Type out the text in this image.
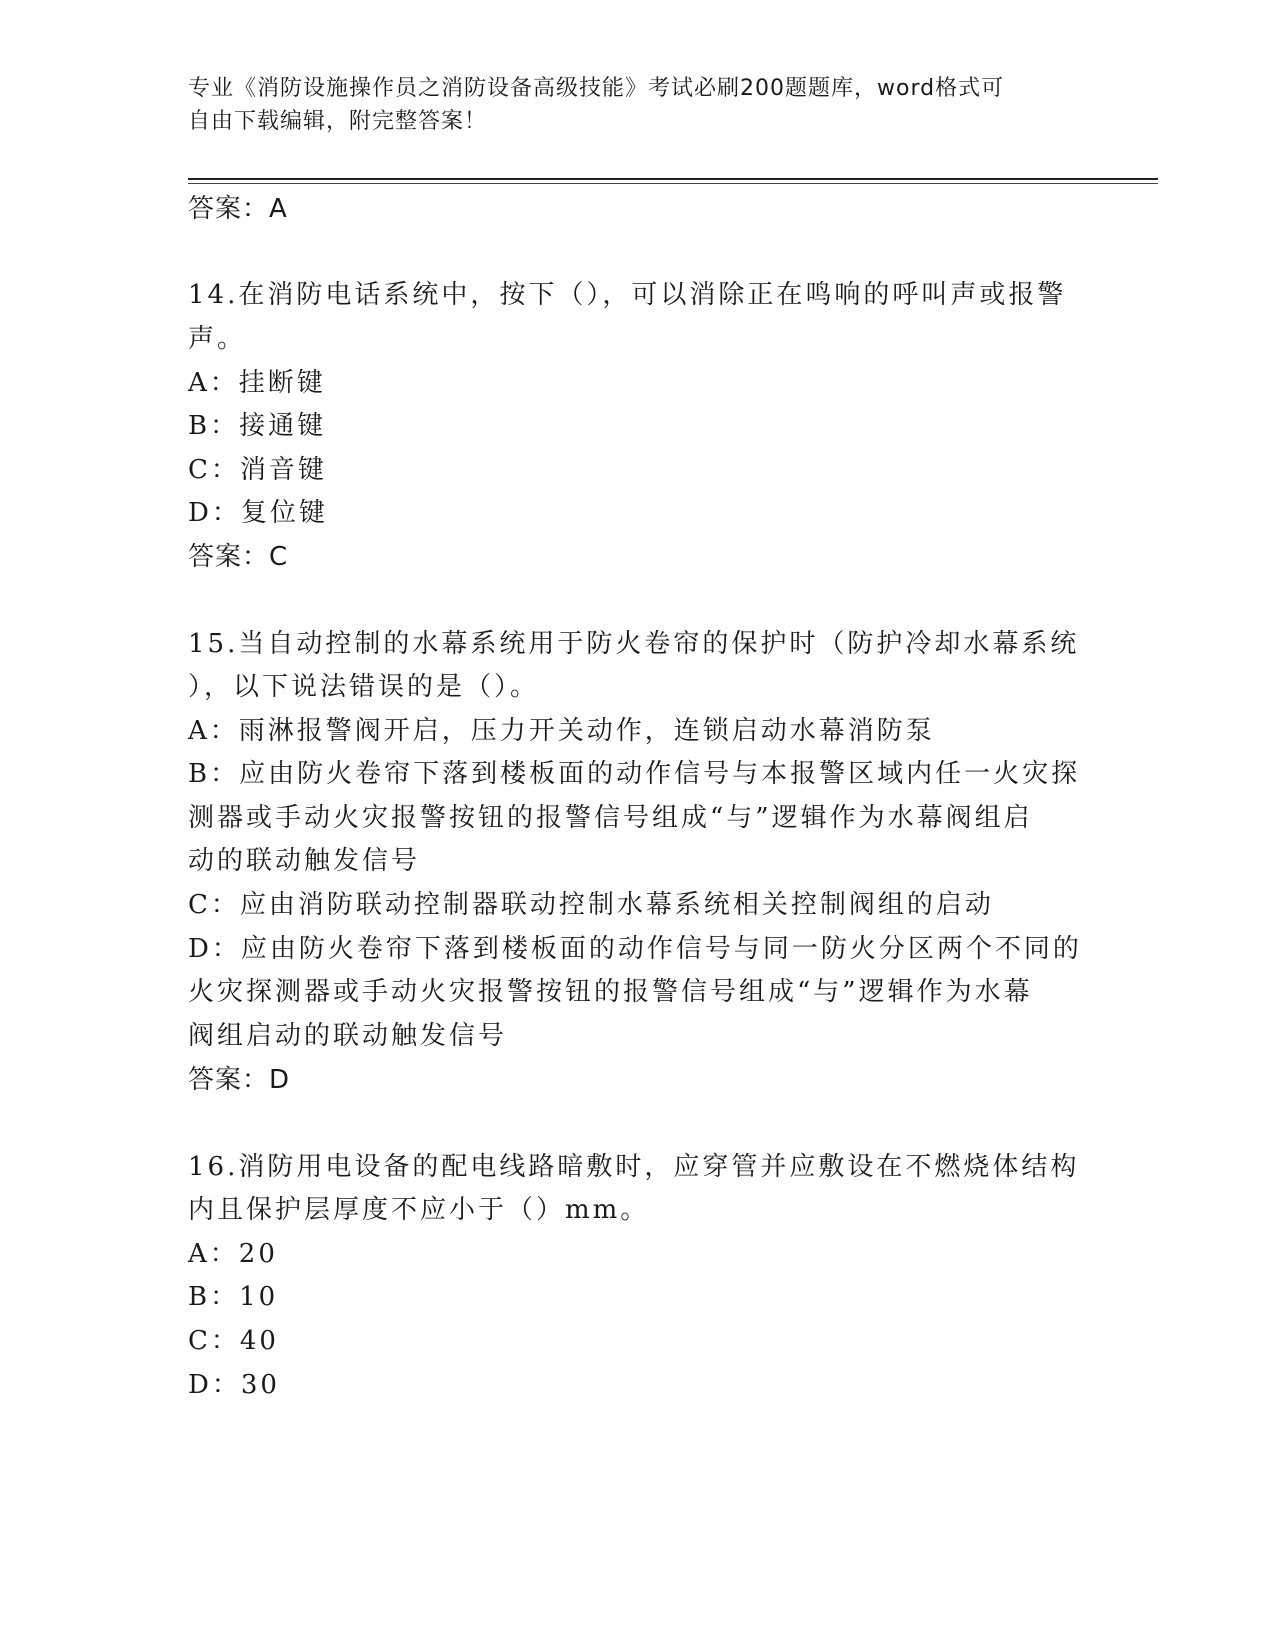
专业《消防设施操作员之消防设备高级技能》考试必刷200题题库，word格式可
自由下载编辑，附完整答案！
答案：A
14.在消防电话系统中，按下（），可以消除正在鸣响的呼叫声或报警
声。
A：挂断键
B：接通键
C：消音键
D：复位键
答案：C
15.当自动控制的水幕系统用于防火卷帘的保护时（防护冷却水幕系统
），以下说法错误的是（）。
A：雨淋报警阀开启，压力开关动作，连锁启动水幕消防泵
B：应由防火卷帘下落到楼板面的动作信号与本报警区域内任一火灾探
测器或手动火灾报警按钮的报警信号组成“与”逻辑作为水幕阀组启
动的联动触发信号
C：应由消防联动控制器联动控制水幕系统相关控制阀组的启动
D：应由防火卷帘下落到楼板面的动作信号与同一防火分区两个不同的
火灾探测器或手动火灾报警按钮的报警信号组成“与”逻辑作为水幕
阀组启动的联动触发信号
答案：D
16.消防用电设备的配电线路暗敷时，应穿管并应敷设在不燃烧体结构
内且保护层厚度不应小于（）mm。
A：20
B：10
C：40
D：30
